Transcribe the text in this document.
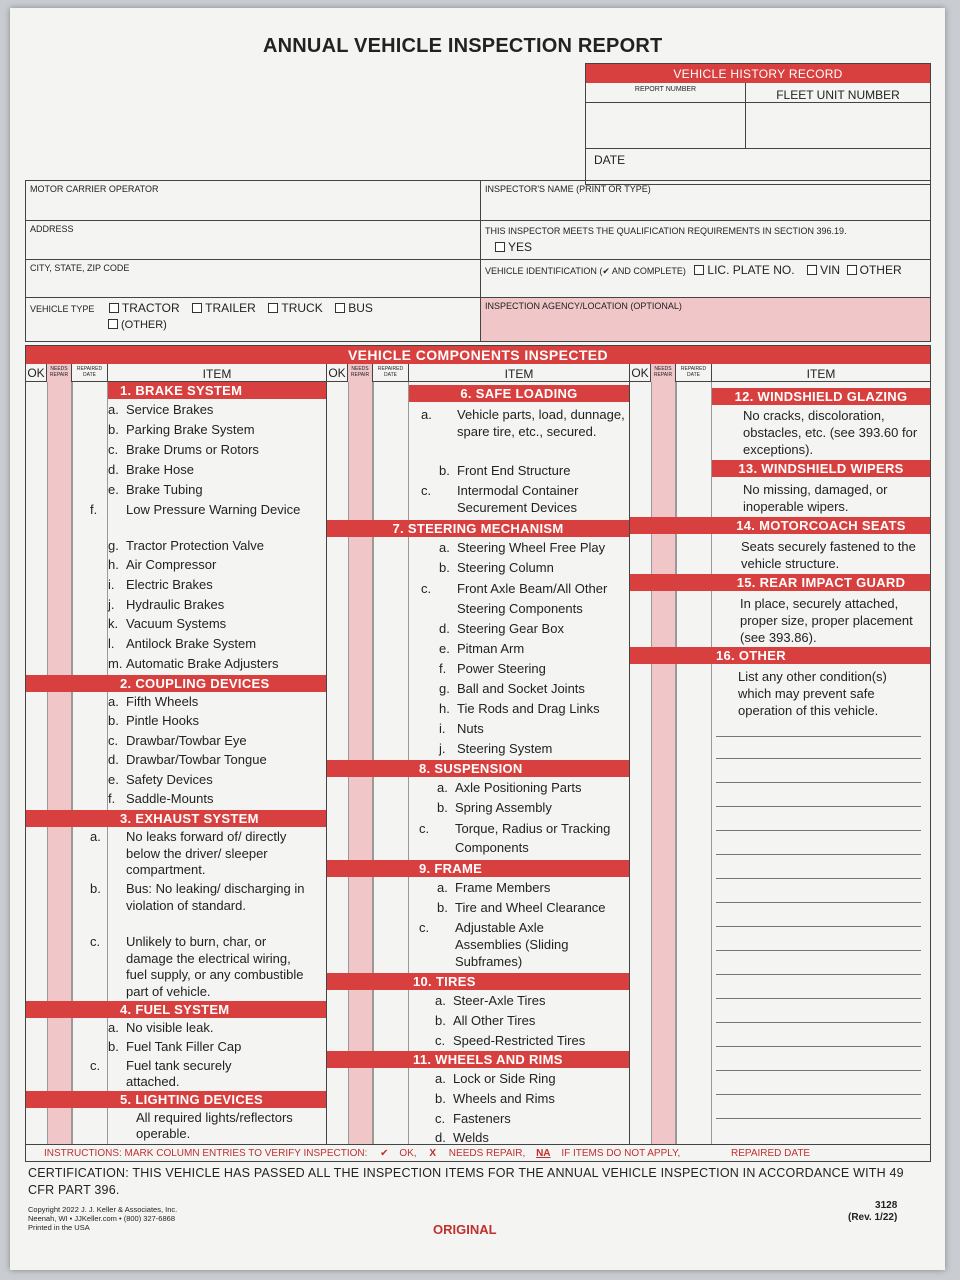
ANNUAL VEHICLE INSPECTION REPORT
VEHICLE HISTORY RECORD
REPORT NUMBER	FLEET UNIT NUMBER
DATE
MOTOR CARRIER OPERATOR	INSPECTOR'S NAME (PRINT OR TYPE)
ADDRESS	THIS INSPECTOR MEETS THE QUALIFICATION REQUIREMENTS IN SECTION 396.19.
YES
CITY, STATE, ZIP CODE	VEHICLE IDENTIFICATION (✔ AND COMPLETE) LIC. PLATE NO. VIN OTHER
VEHICLE TYPE TRACTOR TRAILER TRUCK BUS
(OTHER)
INSPECTION AGENCY/LOCATION (OPTIONAL)
VEHICLE COMPONENTS INSPECTED
OK	NEEDS REPAIR
REPAIRED DATE	ITEM
1. BRAKE SYSTEM
a. Service Brakes
b. Parking Brake System
c. Brake Drums or Rotors
d. Brake Hose
e. Brake Tubing
f. Low Pressure Warning Device
g. Tractor Protection Valve
h. Air Compressor
i. Electric Brakes
j. Hydraulic Brakes
k. Vacuum Systems
l. Antilock Brake System
m. Automatic Brake Adjusters
2. COUPLING DEVICES
a. Fifth Wheels
b. Pintle Hooks
c. Drawbar/Towbar Eye
d. Drawbar/Towbar Tongue
e. Safety Devices
f. Saddle-Mounts
3. EXHAUST SYSTEM
a. No leaks forward of/ directly below the driver/ sleeper compartment.
b. Bus: No leaking/ discharging in violation of standard.
c. Unlikely to burn, char, or damage the electrical wiring, fuel supply, or any combustible part of vehicle.
4. FUEL SYSTEM
a. No visible leak.
b. Fuel Tank Filler Cap
c. Fuel tank securely attached.
5. LIGHTING DEVICES
All required lights/reflectors operable.
OK	NEEDS REPAIR
REPAIRED DATE	ITEM
6. SAFE LOADING
a. Vehicle parts, load, dunnage, spare tire, etc., secured.
b. Front End Structure
c. Intermodal Container Securement Devices
7. STEERING MECHANISM
a. Steering Wheel Free Play
b. Steering Column
c. Front Axle Beam/All Other Steering Components
d. Steering Gear Box
e. Pitman Arm
f. Power Steering
g. Ball and Socket Joints
h. Tie Rods and Drag Links
i. Nuts
j. Steering System
8. SUSPENSION
a. Axle Positioning Parts
b. Spring Assembly
c. Torque, Radius or Tracking Components
9. FRAME
a. Frame Members
b. Tire and Wheel Clearance
c. Adjustable Axle Assemblies (Sliding Subframes)
10. TIRES
a. Steer-Axle Tires
b. All Other Tires
c. Speed-Restricted Tires
11. WHEELS AND RIMS
a. Lock or Side Ring
b. Wheels and Rims
c. Fasteners
d. Welds
OK	NEEDS REPAIR
REPAIRED DATE	ITEM
12. WINDSHIELD GLAZING
No cracks, discoloration, obstacles, etc. (see 393.60 for exceptions).
13. WINDSHIELD WIPERS
No missing, damaged, or inoperable wipers.
14. MOTORCOACH SEATS
Seats securely fastened to the vehicle structure.
15. REAR IMPACT GUARD
In place, securely attached, proper size, proper placement (see 393.86).
16. OTHER
List any other condition(s) which may prevent safe operation of this vehicle.
INSTRUCTIONS: MARK COLUMN ENTRIES TO VERIFY INSPECTION: ✔ OK, X NEEDS REPAIR, NA IF ITEMS DO NOT APPLY,	REPAIRED DATE
CERTIFICATION: THIS VEHICLE HAS PASSED ALL THE INSPECTION ITEMS FOR THE ANNUAL VEHICLE INSPECTION IN ACCORDANCE WITH 49 CFR PART 396.
Copyright 2022 J. J. Keller & Associates, Inc.
Neenah, WI • JJKeller.com • (800) 327-6868
Printed in the USA	ORIGINAL
3128
(Rev. 1/22)
